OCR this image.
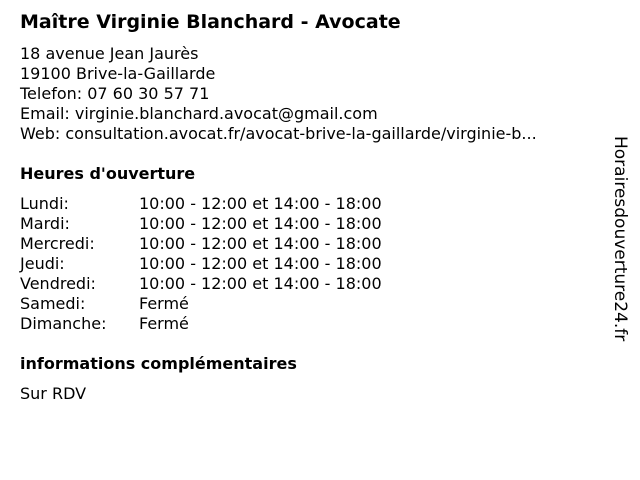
Maître Virginie Blanchard - Avocate
18 avenue Jean Jaurès
19100 Brive-la-Gaillarde
Telefon: 07 60 30 57 71
Email: virginie.blanchard.avocat@gmail.com
Web: consultation.avocat.fr/avocat-brive-la-gaillarde/virginie-b...
Heures d'ouverture
Lundi:	10:00 - 12:00 et 14:00 - 18:00
Mardi:	10:00 - 12:00 et 14:00 - 18:00
Mercredi:	10:00 - 12:00 et 14:00 - 18:00
Jeudi:	10:00 - 12:00 et 14:00 - 18:00
Vendredi:	10:00 - 12:00 et 14:00 - 18:00
Samedi:	Fermé
Dimanche:	Fermé
informations complémentaires
Sur RDV
Horairesdouverture24.fr
